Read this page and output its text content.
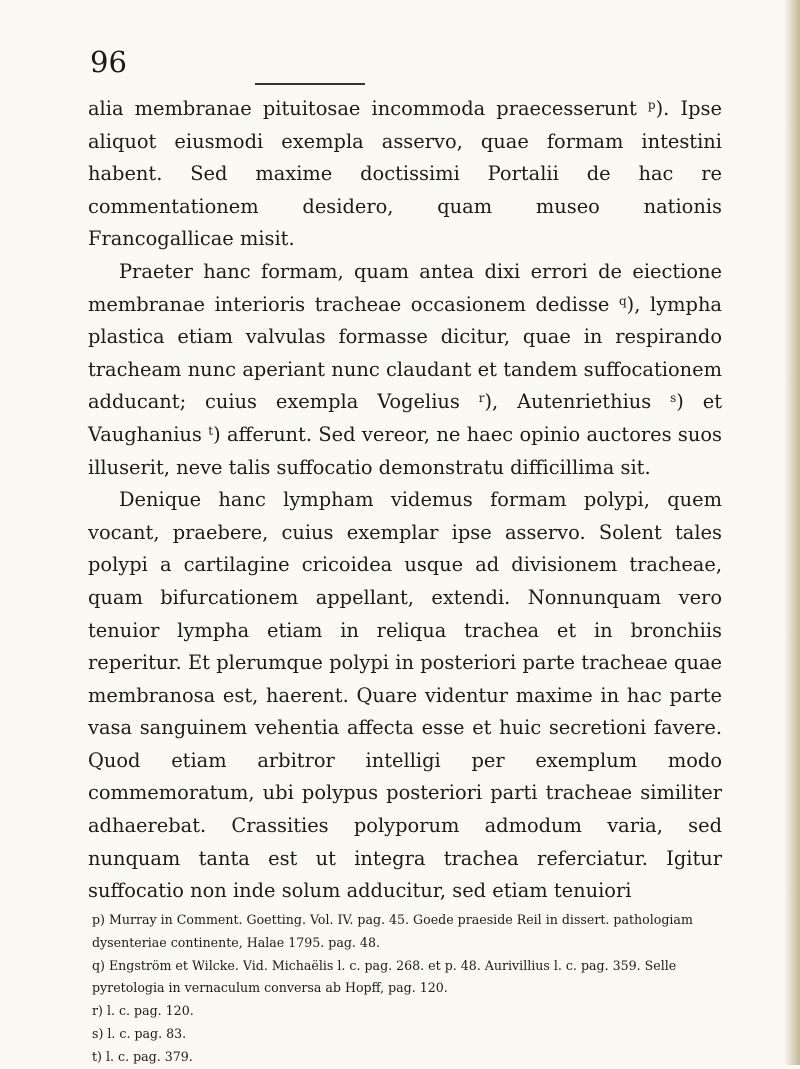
96

alia membranae pituitosae incommoda praecesserunt $^p$). Ipse aliquot eiusmodi exempla asservo, quae formam intestini habent. Sed maxime doctissimi Portalii de hac re commentationem desidero, quam museo nationis Francogallicae misit.

Praeter hanc formam, quam antea dixi errori de eiectione membranae interioris tracheae occasionem dedisse $^q$), lympha plastica etiam valvulas formasse dicitur, quae in respirando tracheam nunc aperiant nunc claudant et tandem suffocationem adducant; cuius exempla Vogelius $^r$), Autenriethius $^s$) et Vaughanius $^t$) afferunt. Sed vereor, ne haec opinio auctores suos illuserit, neve talis suffocatio demonstratu difficillima sit.

Denique hanc lympham videmus formam polypi, quem vocant, praebere, cuius exemplar ipse asservo. Solent tales polypi a cartilagine cricoidea usque ad divisionem tracheae, quam bifurcationem appellant, extendi. Nonnunquam vero tenuior lympha etiam in reliqua trachea et in bronchiis reperitur. Et plerumque polypi in posteriori parte tracheae quae membranosa est, haerent. Quare videntur maxime in hac parte vasa sanguinem vehentia affecta esse et huic secretioni favere. Quod etiam arbitror intelligi per exemplum modo commemoratum, ubi polypus posteriori parti tracheae similiter adhaerebat. Crassities polyporum admodum varia, sed nunquam tanta est ut integra trachea referciatur. Igitur suffocatio non inde solum adducitur, sed etiam tenuiori

p) Murray in Comment. Goetting. Vol. IV. pag. 45. Goede praeside Reil in dissert. pathologiam dysenteriae continente, Halae 1795. pag. 48.

q) Engström et Wilcke. Vid. Michaëlis l. c. pag. 268. et p. 48. Aurivillius l. c. pag. 359. Selle pyretologia in vernaculum conversa ab Hopff, pag. 120.

r) l. c. pag. 120.

s) l. c. pag. 83.

t) l. c. pag. 379.
